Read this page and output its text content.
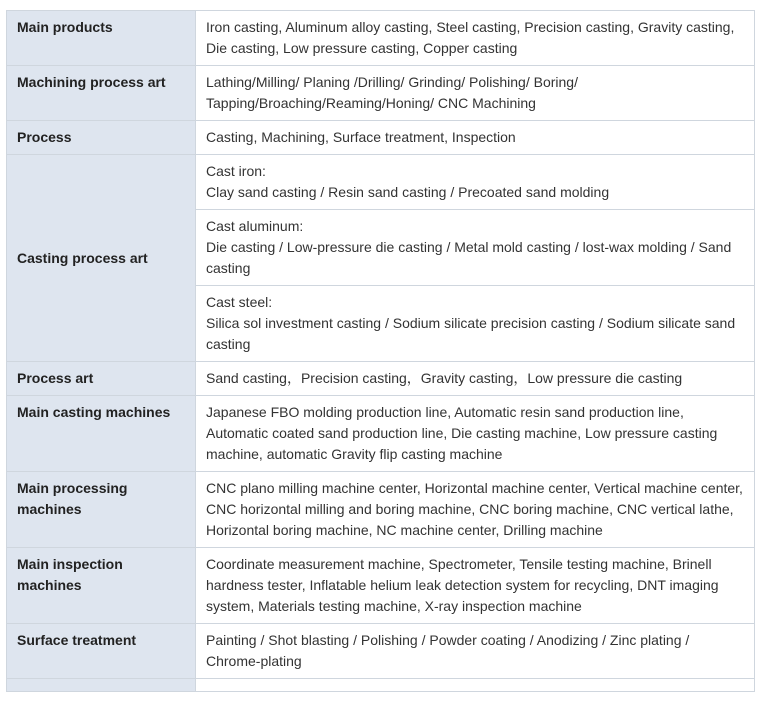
Main products	Iron casting, Aluminum alloy casting, Steel casting, Precision casting, Gravity casting, Die casting, Low pressure casting, Copper casting
Machining process art	Lathing/Milling/ Planing /Drilling/ Grinding/ Polishing/ Boring/ Tapping/Broaching/Reaming/Honing/ CNC Machining
Process	Casting, Machining, Surface treatment, Inspection
Casting process art	Cast iron:
Clay sand casting / Resin sand casting / Precoated sand molding

	Cast aluminum:
Die casting / Low-pressure die casting / Metal mold casting / lost-wax molding / Sand casting

	Cast steel:
Silica sol investment casting / Sodium silicate precision casting / Sodium silicate sand casting

Process art	Sand casting，Precision casting，Gravity casting，Low pressure die casting
Main casting machines	Japanese FBO molding production line, Automatic resin sand production line, Automatic coated sand production line, Die casting machine, Low pressure casting machine, automatic Gravity flip casting machine
Main processing machines	CNC plano milling machine center, Horizontal machine center, Vertical machine center, CNC horizontal milling and boring machine, CNC boring machine, CNC vertical lathe, Horizontal boring machine, NC machine center, Drilling machine
Main inspection machines	Coordinate measurement machine, Spectrometer, Tensile testing machine, Brinell hardness tester, Inflatable helium leak detection system for recycling, DNT imaging system, Materials testing machine, X-ray inspection machine
Surface treatment	Painting / Shot blasting / Polishing / Powder coating / Anodizing / Zinc plating / Chrome-plating
